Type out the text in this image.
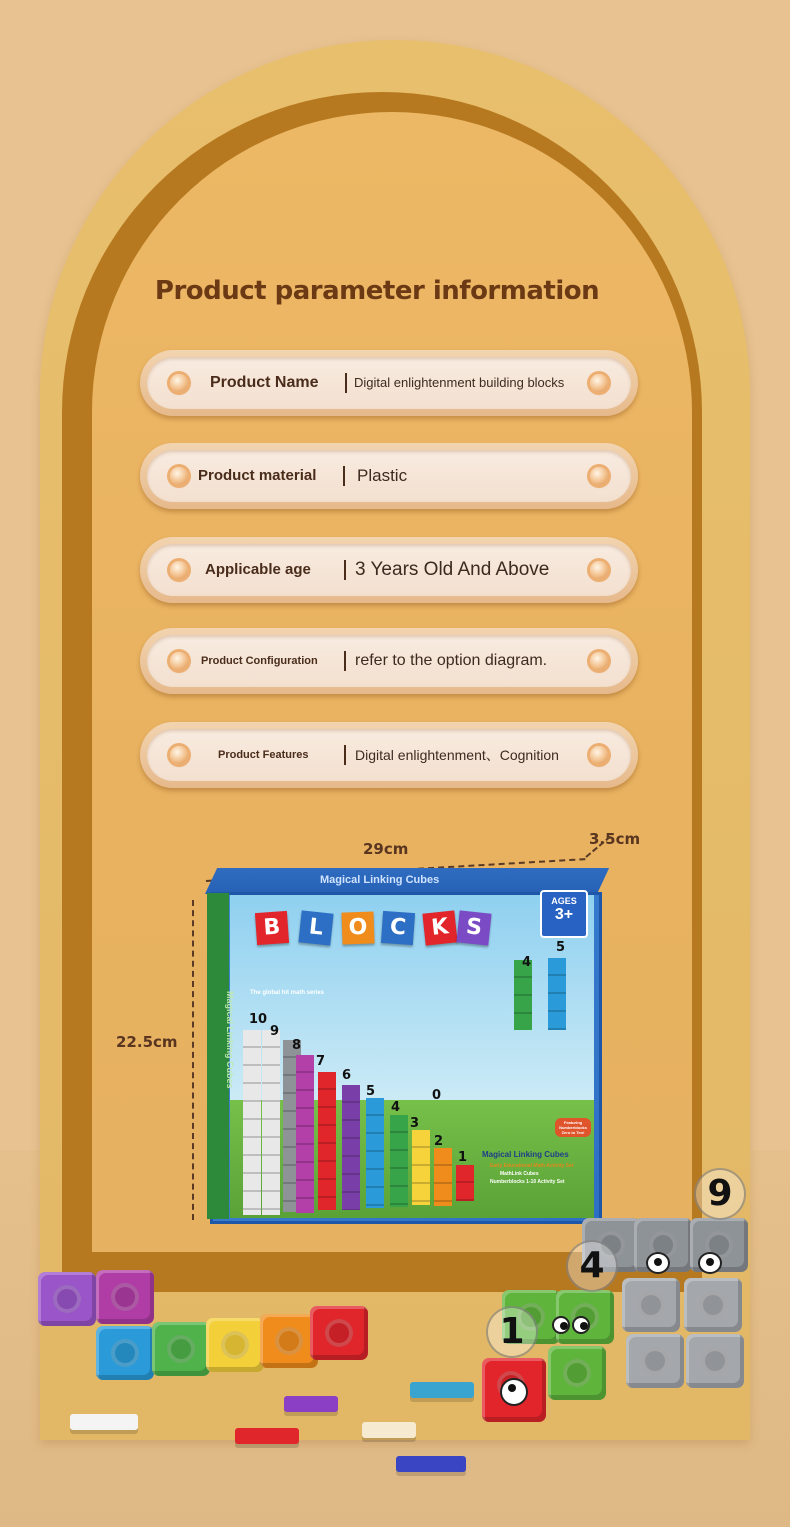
Product parameter information
Product Name	Digital enlightenment building blocks
Product material Plastic
Applicable age 3 Years Old And Above
Product Configuration refer to the option diagram.
Product Features	Digital enlightenment、Cognition
29cm
3.5cm
22.5cm
Magical Linking Cubes
Magical Linking Cubes
B	L	O C	K S
AGES
3+
The global hit math series
10
9
8
7
6
5
4
3
2
1
0
4
5
Magical Linking Cubes
Early Educational Math Activity Set
MathLink Cubes
Numberblocks 1-10 Activity Set
Featuring Numberblocks Zero to Ten!
9
4
1
